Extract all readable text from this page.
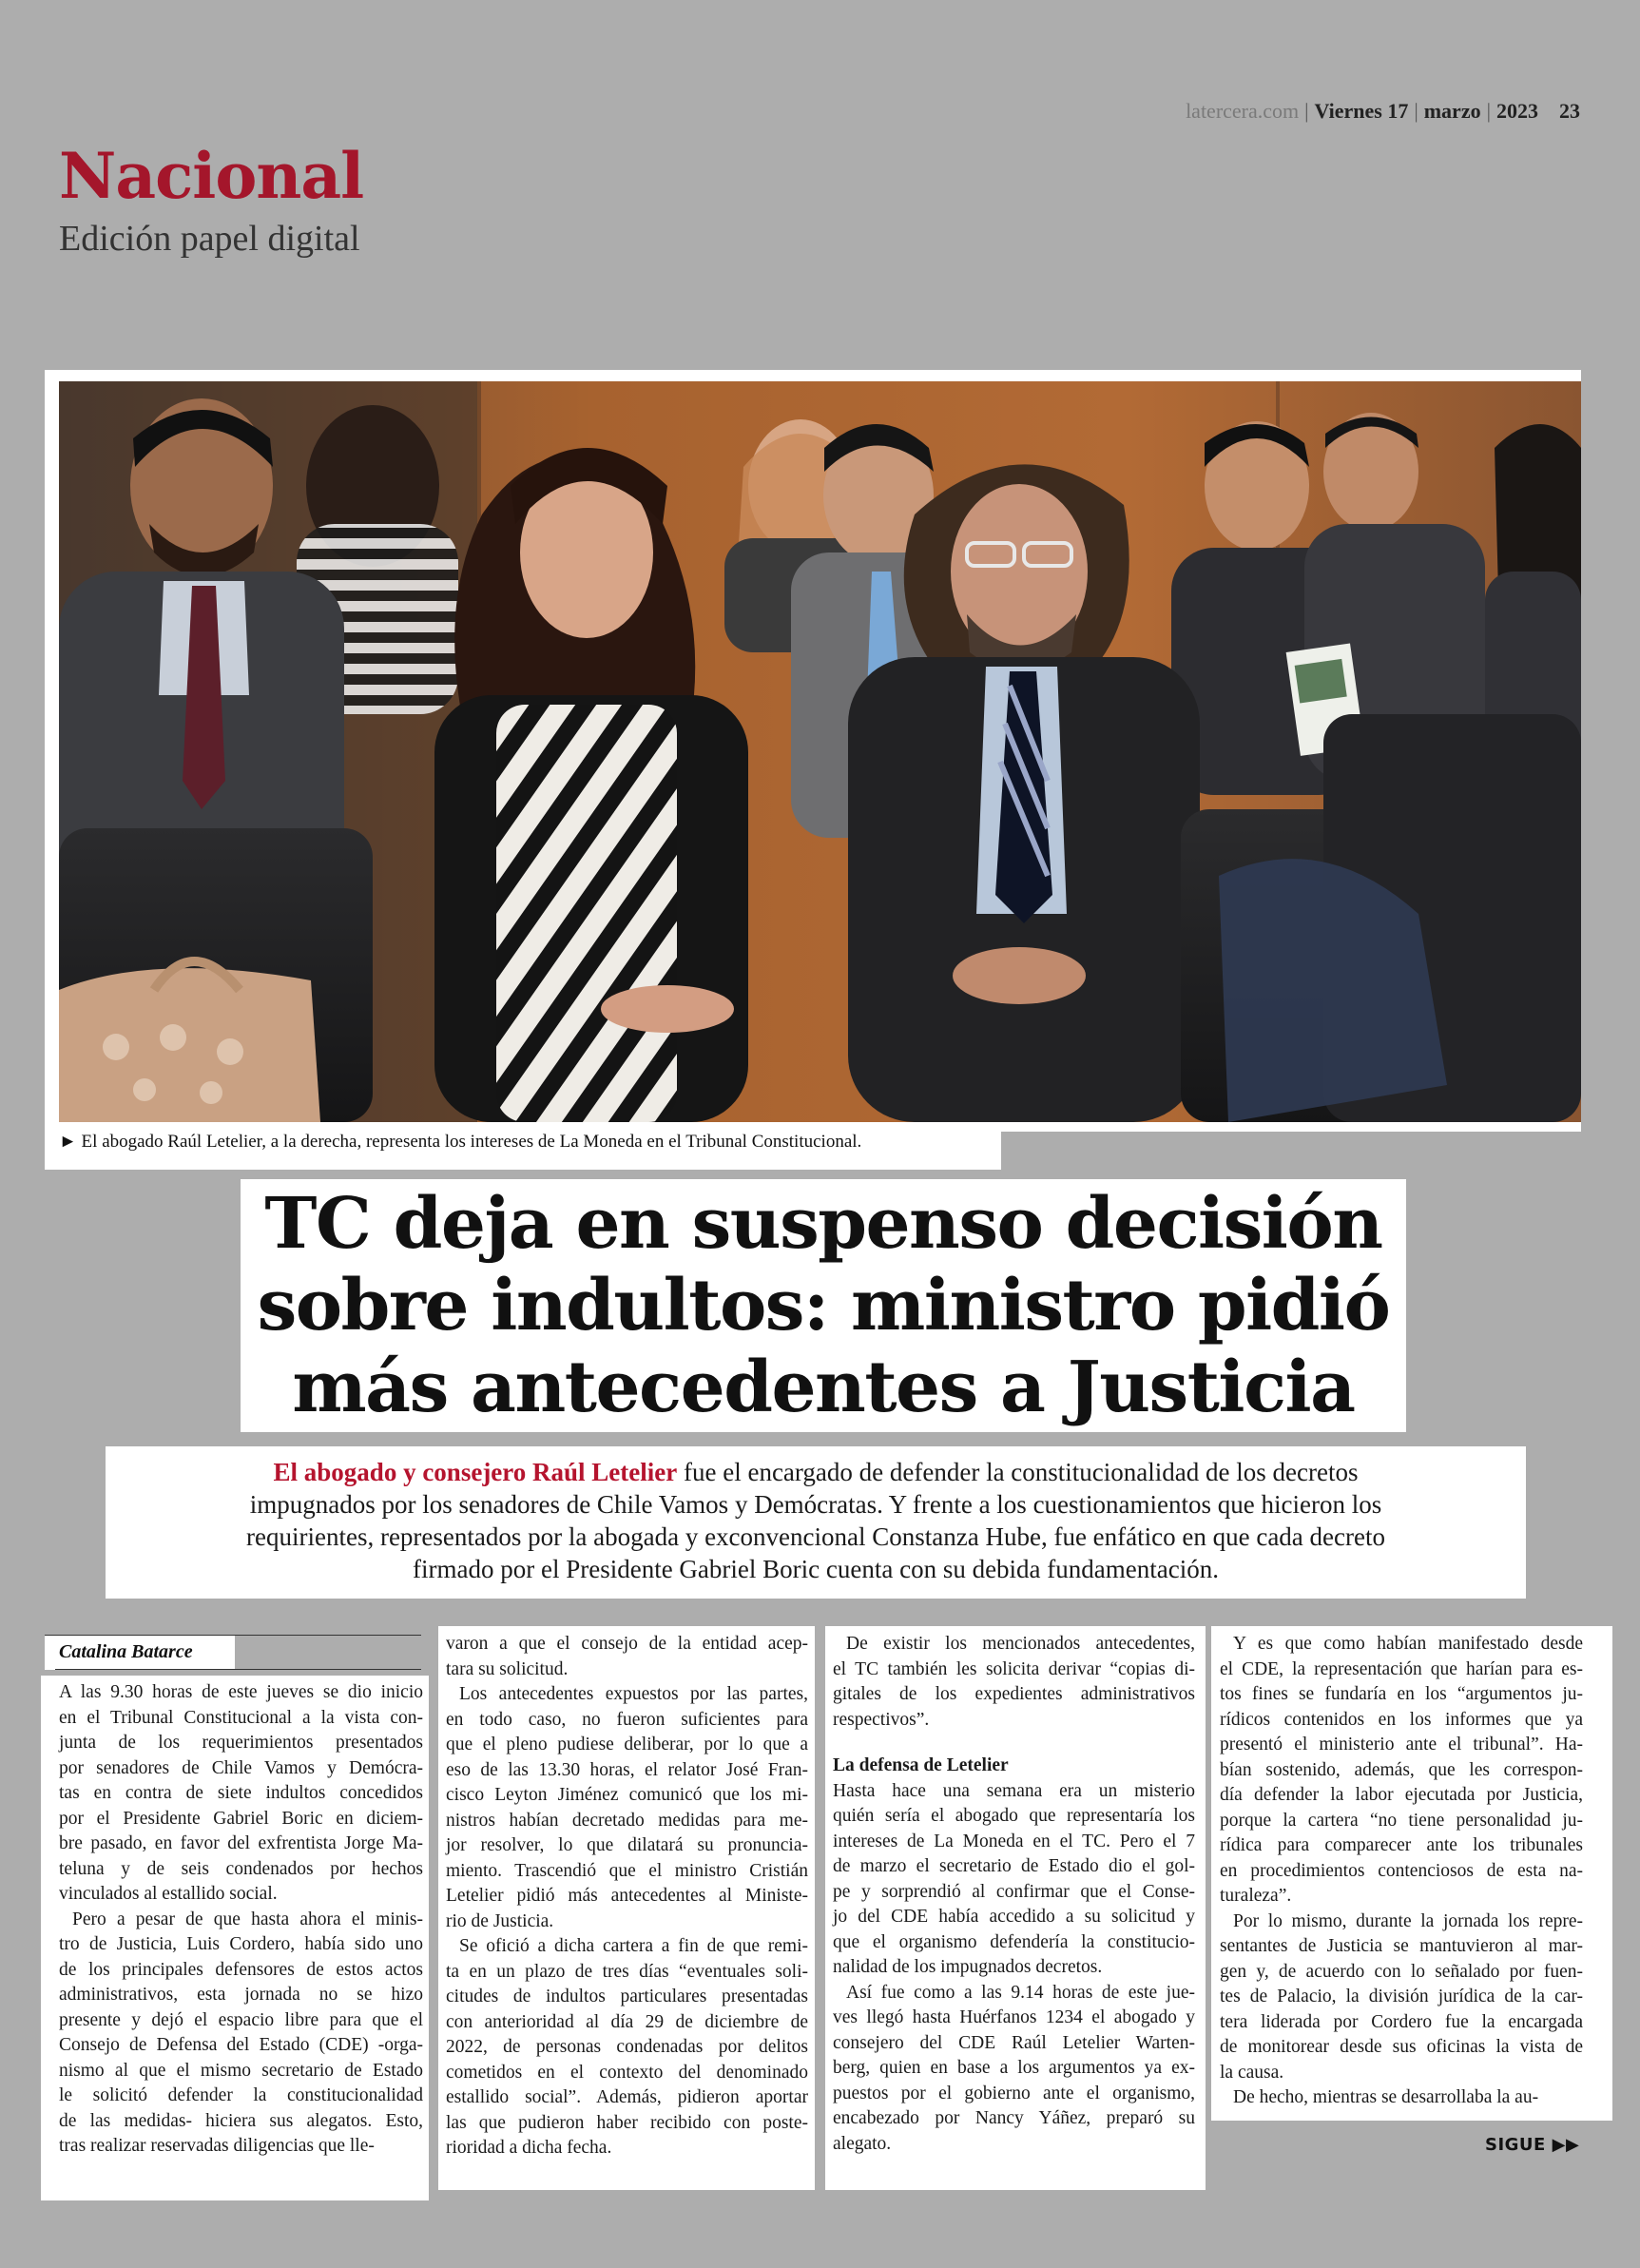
latercera.com | Viernes 17 | marzo | 2023 23
Nacional
Edición papel digital
► El abogado Raúl Letelier, a la derecha, representa los intereses de La Moneda en el Tribunal Constitucional.
TC deja en suspenso decisión
sobre indultos: ministro pidió
más antecedentes a Justicia
El abogado y consejero Raúl Letelier fue el encargado de defender la constitucionalidad de los decretos
impugnados por los senadores de Chile Vamos y Demócratas. Y frente a los cuestionamientos que hicieron los
requirientes, representados por la abogada y exconvencional Constanza Hube, fue enfático en que cada decreto
firmado por el Presidente Gabriel Boric cuenta con su debida fundamentación.
Catalina Batarce
A las 9.30 horas de este jueves se dio inicio
en el Tribunal Constitucional a la vista con-
junta de los requerimientos presentados
por senadores de Chile Vamos y Demócra-
tas en contra de siete indultos concedidos
por el Presidente Gabriel Boric en diciem-
bre pasado, en favor del exfrentista Jorge Ma-
teluna y de seis condenados por hechos
vinculados al estallido social.
Pero a pesar de que hasta ahora el minis-
tro de Justicia, Luis Cordero, había sido uno
de los principales defensores de estos actos
administrativos, esta jornada no se hizo
presente y dejó el espacio libre para que el
Consejo de Defensa del Estado (CDE) -orga-
nismo al que el mismo secretario de Estado
le solicitó defender la constitucionalidad
de las medidas- hiciera sus alegatos. Esto,
tras realizar reservadas diligencias que lle-
varon a que el consejo de la entidad acep-
tara su solicitud.
Los antecedentes expuestos por las partes,
en todo caso, no fueron suficientes para
que el pleno pudiese deliberar, por lo que a
eso de las 13.30 horas, el relator José Fran-
cisco Leyton Jiménez comunicó que los mi-
nistros habían decretado medidas para me-
jor resolver, lo que dilatará su pronuncia-
miento. Trascendió que el ministro Cristián
Letelier pidió más antecedentes al Ministe-
rio de Justicia.
Se ofició a dicha cartera a fin de que remi-
ta en un plazo de tres días “eventuales soli-
citudes de indultos particulares presentadas
con anterioridad al día 29 de diciembre de
2022, de personas condenadas por delitos
cometidos en el contexto del denominado
estallido social”. Además, pidieron aportar
las que pudieron haber recibido con poste-
rioridad a dicha fecha.
De existir los mencionados antecedentes,
el TC también les solicita derivar “copias di-
gitales de los expedientes administrativos
respectivos”.
La defensa de Letelier
Hasta hace una semana era un misterio
quién sería el abogado que representaría los
intereses de La Moneda en el TC. Pero el 7
de marzo el secretario de Estado dio el gol-
pe y sorprendió al confirmar que el Conse-
jo del CDE había accedido a su solicitud y
que el organismo defendería la constitucio-
nalidad de los impugnados decretos.
Así fue como a las 9.14 horas de este jue-
ves llegó hasta Huérfanos 1234 el abogado y
consejero del CDE Raúl Letelier Warten-
berg, quien en base a los argumentos ya ex-
puestos por el gobierno ante el organismo,
encabezado por Nancy Yáñez, preparó su
alegato.
Y es que como habían manifestado desde
el CDE, la representación que harían para es-
tos fines se fundaría en los “argumentos ju-
rídicos contenidos en los informes que ya
presentó el ministerio ante el tribunal”. Ha-
bían sostenido, además, que les correspon-
día defender la labor ejecutada por Justicia,
porque la cartera “no tiene personalidad ju-
rídica para comparecer ante los tribunales
en procedimientos contenciosos de esta na-
turaleza”.
Por lo mismo, durante la jornada los repre-
sentantes de Justicia se mantuvieron al mar-
gen y, de acuerdo con lo señalado por fuen-
tes de Palacio, la división jurídica de la car-
tera liderada por Cordero fue la encargada
de monitorear desde sus oficinas la vista de
la causa.
De hecho, mientras se desarrollaba la au-
SIGUE ▶▶
